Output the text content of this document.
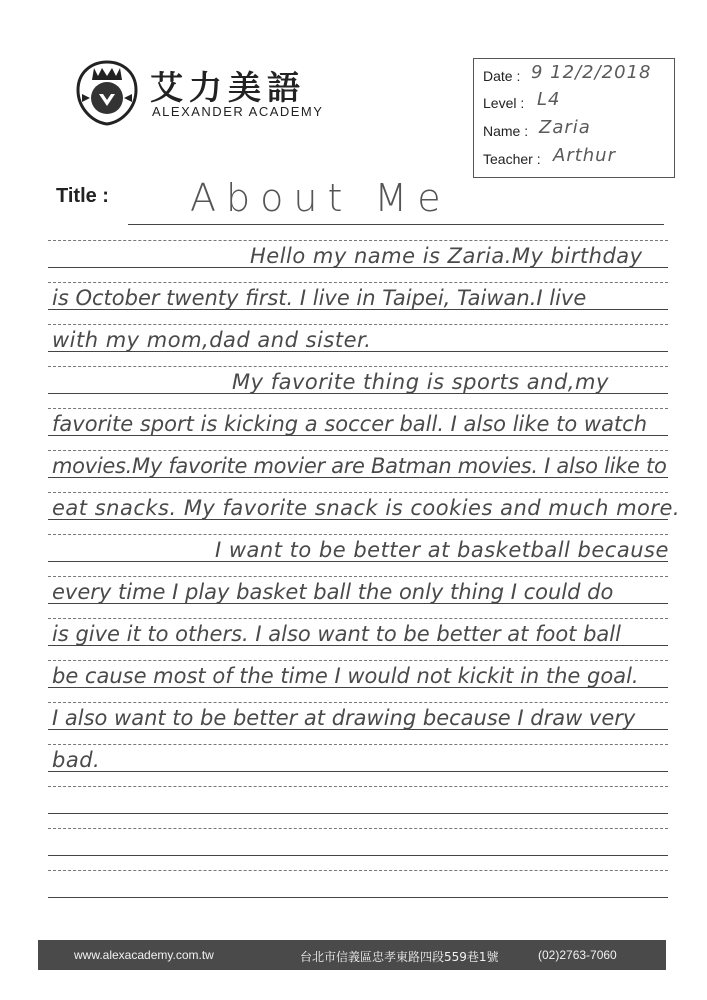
艾力美語
ALEXANDER ACADEMY
Date : 9 12/2/2018
Level : L4
Name : Zaria
Teacher : Arthur
Title : About Me
Hello my name is Zaria.My birthday
is October twenty first. I live in Taipei, Taiwan.I live
with my mom,dad and sister.
My favorite thing is sports and,my
favorite sport is kicking a soccer ball. I also like to watch
movies.My favorite movier are Batman movies. I also like to
eat snacks. My favorite snack is cookies and much more.
I want to be better at basketball because
every time I play basket ball the only thing I could do
is give it to others. I also want to be better at foot ball
be cause most of the time I would not kickit in the goal.
I also want to be better at drawing because I draw very
bad.
www.alexacademy.com.tw	台北市信義區忠孝東路四段559巷1號	(02)2763-7060
